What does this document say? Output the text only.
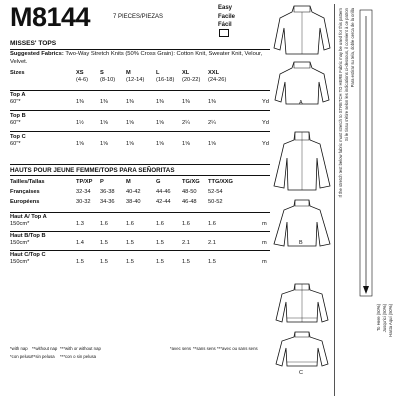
M8144	7 PIECES/PIEZAS
Easy
Facile
Fácil
MISSES' TOPS
Suggested Fabrics: Two-Way Stretch Knits (50% Cross Grain): Cotton Knit, Sweater Knit, Velour, Velvet.
Sizes	XS	S	M	L	XL	XXL
(4-6) (8-10) (12-14) (16-18) (20-22) (24-26)
Top A
60"*	1⅜	1⅜	1⅜	1⅜	1⅜	1⅜	Yd
Top B
60"*	1½	1⅝	1⅝	1⅝	2¼	2¼	Yd
Top C
60"*	1⅝	1⅝	1⅝	1⅝	1⅝	1⅝	Yd
HAUTS POUR JEUNE FEMME/TOPS PARA SEÑORITAS
Tailles/Tallas	TP/XP P	M	G	TG/XG TTG/XXG
Françaises	32-34 36-38 40-42	44-46 48-50 52-54
Européens	30-32 34-36 38-40	42-44 46-48 50-52
Haut A/ Top A
150cm*	1.3	1.6	1.6	1.6	1.6	1.6	m
Haut B/Top B
150cm*	1.4	1.5	1.5	1.5	2.1	2.1	m
Haut C/Top C
150cm*	1.5	1.5	1.5	1.5	1.5	1.5	m
*with nap **without nap ***with or without nap	*avec sens **sans sens ***avec ou sans sens
*con pelusa **sin pelusa ***con o sin pelusa
A
B
C
If the stretch test below fabric must stretch to STRETCH TO HERE Fabric may be used for this pattern Si le tissu s'étire selon les indications ci-dessous, il convient à ce patron Para estirar su tela, doble cerca de la orilla
To Here (50%) Jusqu'ici (50%) Hasta Aquí (50%)
